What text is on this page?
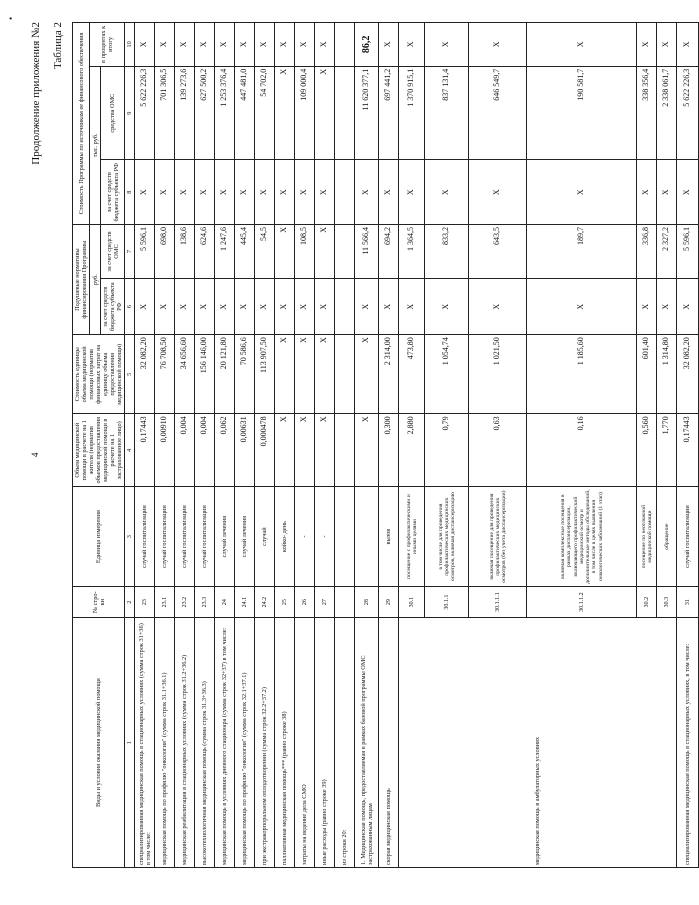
•
4
Продолжение приложения №2 Таблица 2
Виды и условия оказания медицинской помощи	№ стро-ки	Единица измерения	Объем медицинской помощи в расчете на 1 жителя (норматив объемов предоставления медицинской помощи в расчете на 1 застрахованное лицо)	Стоимость единицы объема медицинской помощи (норматив финансовых затрат на единицу объема предоставления медицинской помощи)	Подушевые нормативы финансирования Программы		Стоимость Программы по источникам ее финансового обеспечения		
					руб.		тыс. руб.		в процентах к итогу
					за счет средств бюджета субъекта РФ	за счет средств ОМС	за счет средств бюджета субъекта РФ	средства ОМС	
1	2	3	4	5	6	7	8	9	10
специализированная медицинская помощь в стационарных условиях (сумма строк 31+36) в том числе:	23	случай госпитализации	0,17443	32 082,20	X	5 596,1	X	5 622 226,3	X
медицинская помощь по профилю "онкология" (сумма строк 31.1+36.1)	23.1	случай госпитализации	0,00910	76 708,50	X	698,0	X	701 306,5	X
медицинская реабилитация в стационарных условиях (сумма строк 31.2+36.2)	23.2	случай госпитализации	0,004	34 656,60	X	138,6	X	139 273,6	X
высокотехнологичная медицинская помощь (сумма строк 31.3+36.3)	23.3	случай госпитализации	0,004	156 146,00	X	624,6	X	627 500,2	X
медицинская помощь в условиях дневного стационара (сумма строк 32+37) в том числе:	24	случай лечения	0,062	20 121,80	X	1 247,6	X	1 253 376,4	X
медицинская помощь по профилю "онкология" (сумма строк 32.1+37.1)	24.1	случай лечения	0,00631	70 586,6	X	445,4	X	447 481,0	X
при экстракорпоральном оплодотворении (сумма строк 32.2+37.2)	24.2	случай	0,000478	113 907,50	X	54,5	X	54 702,0	X
паллиативная медицинская помощь*** (равно строке 38)	25	койко- день	X	X	X	X	X	X	X
затраты на ведение дела СМО	26	-	X	X	X	108,5	X	109 000,4	X
иные расходы (равно строке 39)	27	-	X	X	X	X	X	X	X
из строки 20:									
1. Медицинская помощь, предоставляемая в рамках базовой программы ОМС застрахованным лицам	28		X	X	X	11 566,4	X	11 620 377,1	86,2
скорая медицинская помощь	29	вызов	0,300	2 314,00	X	694,2	X	697 441,2	X
медицинская помощь в амбулаторных условиях	30.1	посещение с профилактическими и иными целями	2,880	473,80	X	1 364,5	X	1 370 915,1	X
	30.1.1	в том числе для проведения профилактических медицинских осмотров, включая диспансеризацию	0,79	1 054,74	X	833,2	X	837 131,4	X
	30.1.1.1	включая посещение для проведения профилактических медицинских осмотров (без учета диспансеризации)	0,63	1 021,50	X	643,5	X	646 549,7	X
	30.1.1.2	включая комплексные посещения в рамках диспансеризации, включающего профилактический медицинский осмотр и дополнительные методы обследований, в том числе в целях выявления онкологических заболеваний (1 этап)	0,16	1 185,60	X	189,7	X	190 581,7	X
	30.2	посещение по неотложной медицинской помощи	0,560	601,40	X	336,8	X	338 356,4	X
	30.3	обращение	1,770	1 314,80	X	2 327,2	X	2 338 061,7	X
специализированная медицинская помощь в стационарных условиях, в том числе:	31	случай госпитализации	0,17443	32 082,20	X	5 596,1	X	5 622 226,3	X
